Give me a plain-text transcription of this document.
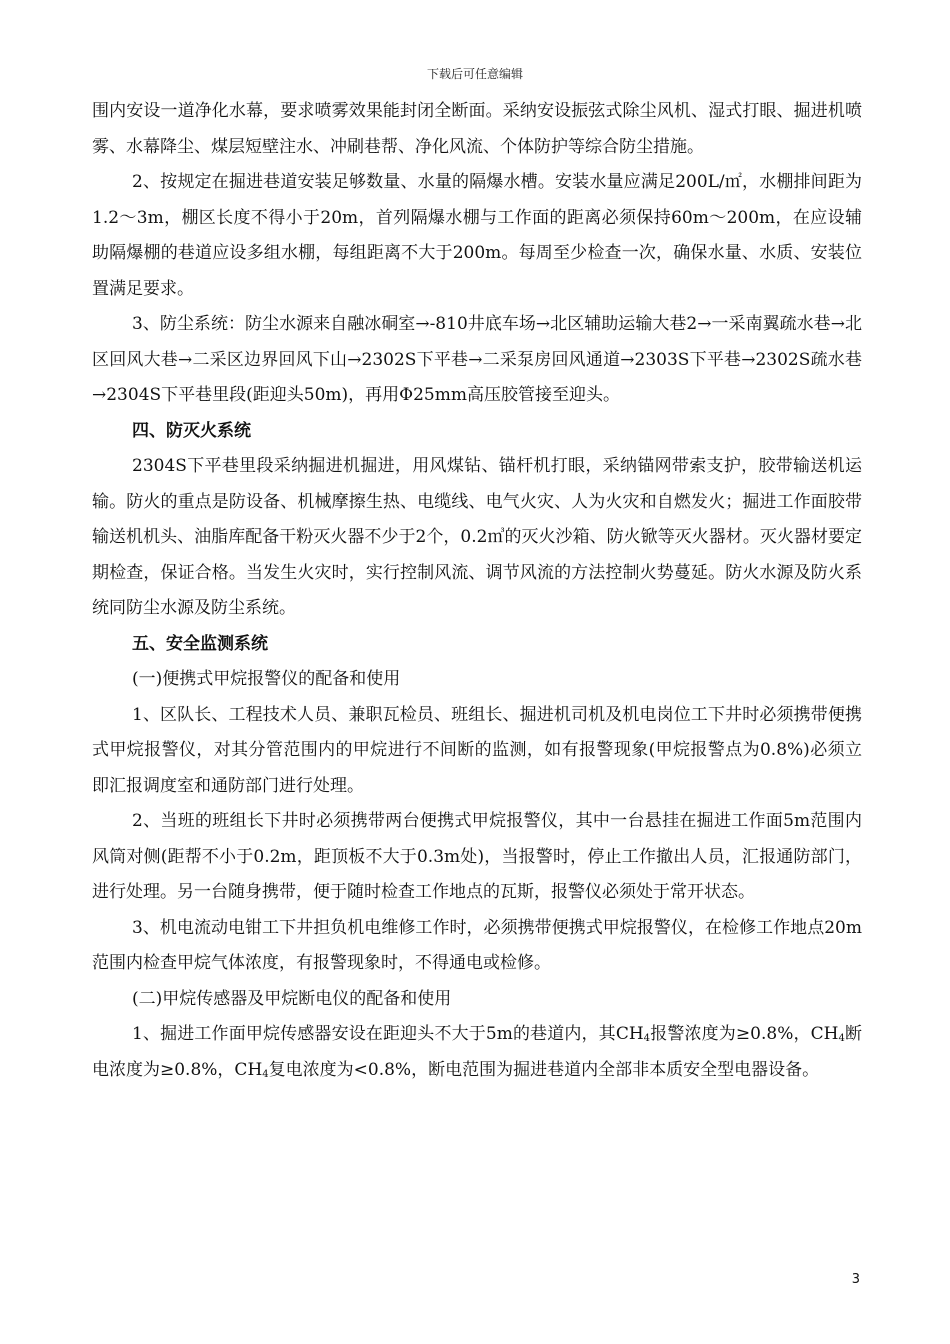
下载后可任意编辑

围内安设一道净化水幕，要求喷雾效果能封闭全断面。采纳安设振弦式除尘风机、湿式打眼、掘进机喷雾、水幕降尘、煤层短壁注水、冲刷巷帮、净化风流、个体防护等综合防尘措施。

2、按规定在掘进巷道安装足够数量、水量的隔爆水槽。安装水量应满足200L/㎡，水棚排间距为1.2～3m，棚区长度不得小于20m，首列隔爆水棚与工作面的距离必须保持60m～200m，在应设辅助隔爆棚的巷道应设多组水棚，每组距离不大于200m。每周至少检查一次，确保水量、水质、安装位置满足要求。

3、防尘系统：防尘水源来自融冰硐室→-810井底车场→北区辅助运输大巷2→一采南翼疏水巷→北区回风大巷→二采区边界回风下山→2302S下平巷→二采泵房回风通道→2303S下平巷→2302S疏水巷→2304S下平巷里段(距迎头50m)，再用Φ25mm高压胶管接至迎头。

四、防灭火系统

2304S下平巷里段采纳掘进机掘进，用风煤钻、锚杆机打眼，采纳锚网带索支护，胶带输送机运输。防火的重点是防设备、机械摩擦生热、电缆线、电气火灾、人为火灾和自燃发火；掘进工作面胶带输送机机头、油脂库配备干粉灭火器不少于2个，0.2㎥的灭火沙箱、防火锨等灭火器材。灭火器材要定期检查，保证合格。当发生火灾时，实行控制风流、调节风流的方法控制火势蔓延。防火水源及防火系统同防尘水源及防尘系统。

五、安全监测系统

(一)便携式甲烷报警仪的配备和使用

1、区队长、工程技术人员、兼职瓦检员、班组长、掘进机司机及机电岗位工下井时必须携带便携式甲烷报警仪，对其分管范围内的甲烷进行不间断的监测，如有报警现象(甲烷报警点为0.8%)必须立即汇报调度室和通防部门进行处理。

2、当班的班组长下井时必须携带两台便携式甲烷报警仪，其中一台悬挂在掘进工作面5m范围内风筒对侧(距帮不小于0.2m，距顶板不大于0.3m处)，当报警时，停止工作撤出人员，汇报通防部门，进行处理。另一台随身携带，便于随时检查工作地点的瓦斯，报警仪必须处于常开状态。

3、机电流动电钳工下井担负机电维修工作时，必须携带便携式甲烷报警仪，在检修工作地点20m范围内检查甲烷气体浓度，有报警现象时，不得通电或检修。

(二)甲烷传感器及甲烷断电仪的配备和使用

1、掘进工作面甲烷传感器安设在距迎头不大于5m的巷道内，其$CH_4$报警浓度为≥0.8%，$CH_4$断电浓度为≥0.8%，$CH_4$复电浓度为<0.8%，断电范围为掘进巷道内全部非本质安全型电器设备。

3
